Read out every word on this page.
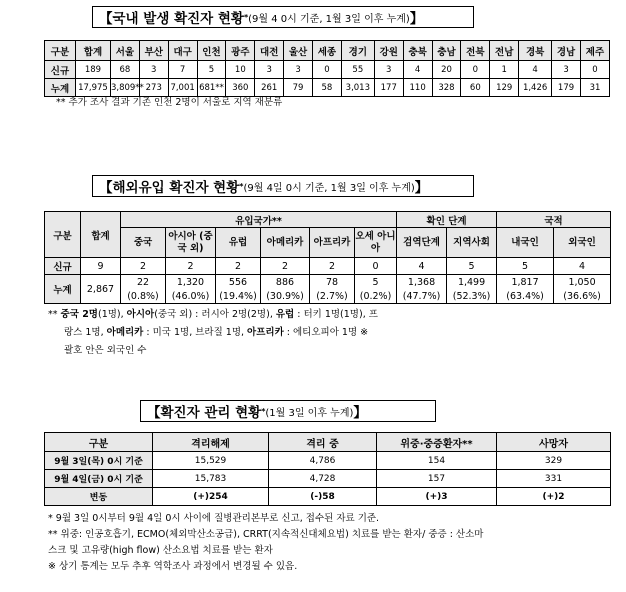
【국내 발생 확진자 현황 * (9월 4 0시 기준, 1월 3일 이후 누계) 】
구분	합계	서울	부산	대구	인천	광주	대전	울산	세종	경기	강원	충북	충남	전북	전남	경북	경남	제주
신규	189	68	3	7	5	10	3	3	0	55	3	4	20	0	1	4	3	0
누계	17,975	3,809**	273	7,001	681**	360	261	79	58	3,013	177	110	328	60	129	1,426	179	31
** 추가 조사 결과 기존 인천 2명이 서울로 지역 재분류
【해외유입 확진자 현황 * (9월 4일 0시 기준, 1월 3일 이후 누계) 】
구분	합계	유입국가**						확인 단계		국적	
		중국	아시아 (중국 외)	유럽	아메리카	아프리카	오세 아니아	검역단계	지역사회	내국인	외국인
신규	9	2	2	2	2	2	0	4	5	5	4
누계	2,867	22	1,320	556	886	78	5	1,368	1,499	1,817	1,050
		(0.8%)	(46.0%)	(19.4%)	(30.9%)	(2.7%)	(0.2%)	(47.7%)	(52.3%)	(63.4%)	(36.6%)
** 중국 2명(1명), 아시아(중국 외) : 러시아 2명(2명), 유럽 : 터키 1명(1명), 프
랑스 1명, 아메리카 : 미국 1명, 브라질 1명, 아프리카 : 에티오피아 1명 ※
괄호 안은 외국인 수
【확진자 관리 현황 * (1월 3일 이후 누계) 】
구분	격리해제	격리 중	위중·중증환자**	사망자
9월 3일(목) 0시 기준	15,529	4,786	154	329
9월 4일(금) 0시 기준	15,783	4,728	157	331
변동	(+)254	(-)58	(+)3	(+)2
* 9월 3일 0시부터 9월 4일 0시 사이에 질병관리본부로 신고, 접수된 자료 기준.
** 위중: 인공호흡기, ECMO(체외막산소공급), CRRT(지속적신대체요법) 치료를 받는 환자/ 중증 : 산소마
스크 및 고유량(high flow) 산소요법 치료를 받는 환자
※ 상기 통계는 모두 추후 역학조사 과정에서 변경될 수 있음.
